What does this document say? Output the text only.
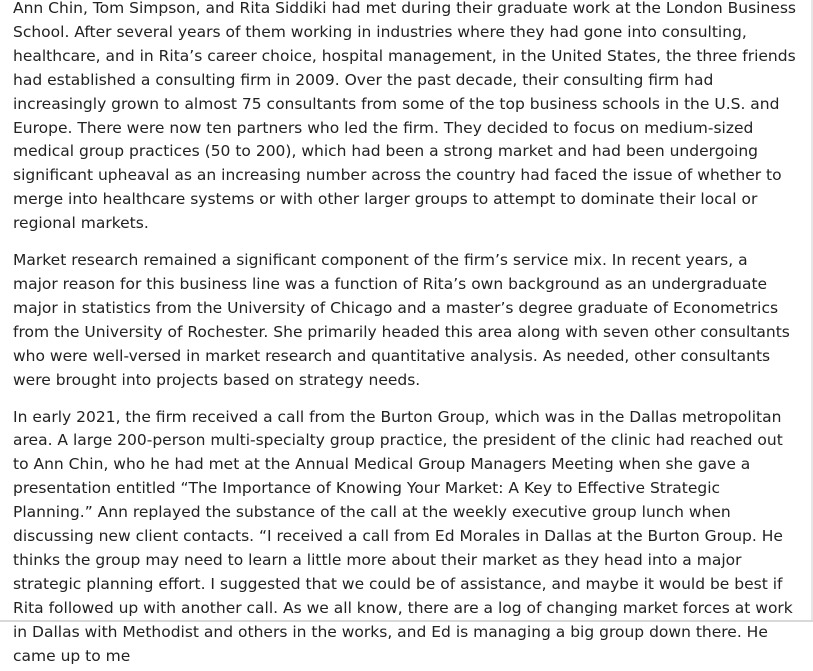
Ann Chin, Tom Simpson, and Rita Siddiki had met during their graduate work at the London Business School. After several years of them working in industries where they had gone into consulting, healthcare, and in Rita’s career choice, hospital management, in the United States, the three friends had established a consulting firm in 2009. Over the past decade, their consulting firm had increasingly grown to almost 75 consultants from some of the top business schools in the U.S. and Europe. There were now ten partners who led the firm. They decided to focus on medium-sized medical group practices (50 to 200), which had been a strong market and had been undergoing significant upheaval as an increasing number across the country had faced the issue of whether to merge into healthcare systems or with other larger groups to attempt to dominate their local or regional markets.

Market research remained a significant component of the firm’s service mix. In recent years, a major reason for this business line was a function of Rita’s own background as an undergraduate major in statistics from the University of Chicago and a master’s degree graduate of Econometrics from the University of Rochester. She primarily headed this area along with seven other consultants who were well-versed in market research and quantitative analysis. As needed, other consultants were brought into projects based on strategy needs.

In early 2021, the firm received a call from the Burton Group, which was in the Dallas metropolitan area. A large 200-person multi-specialty group practice, the president of the clinic had reached out to Ann Chin, who he had met at the Annual Medical Group Managers Meeting when she gave a presentation entitled “The Importance of Knowing Your Market: A Key to Effective Strategic Planning.” Ann replayed the substance of the call at the weekly executive group lunch when discussing new client contacts. “I received a call from Ed Morales in Dallas at the Burton Group. He thinks the group may need to learn a little more about their market as they head into a major strategic planning effort. I suggested that we could be of assistance, and maybe it would be best if Rita followed up with another call. As we all know, there are a log of changing market forces at work in Dallas with Methodist and others in the works, and Ed is managing a big group down there. He came up to me
